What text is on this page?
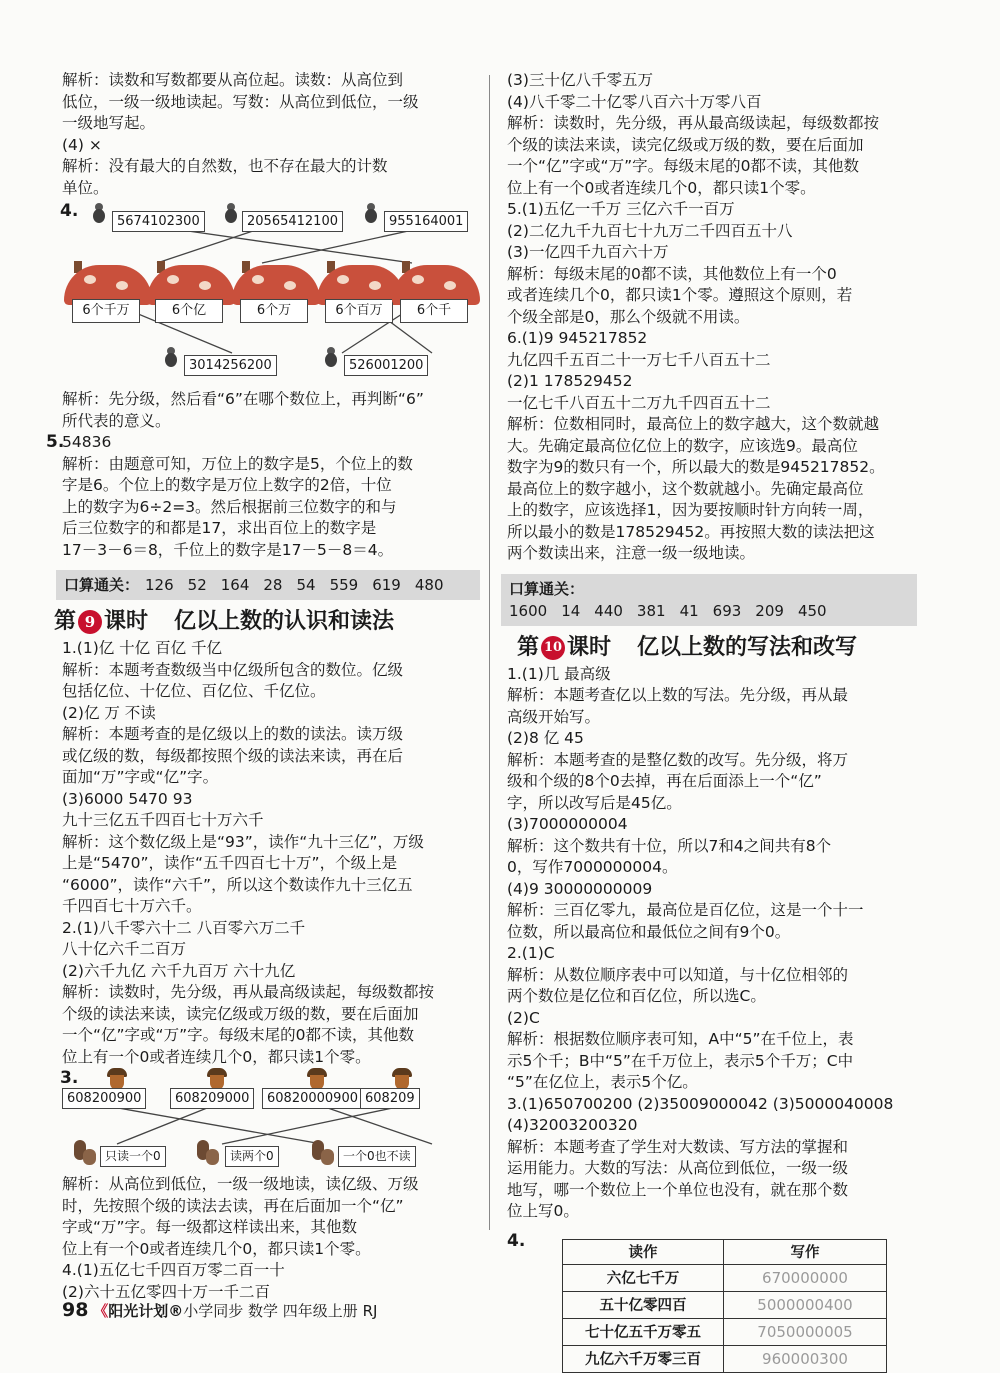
解析：读数和写数都要从高位起。读数：从高位到
低位，一级一级地读起。写数：从高位到低位，一级
一级地写起。
(4) ×
解析：没有最大的自然数，也不存在最大的计数
单位。
4.
5674102300	20565412100	955164001
6个千万	6个亿	6个万	6个百万	6个千
3014256200	526001200
解析：先分级，然后看“6”在哪个数位上，再判断“6”
所代表的意义。
5.
54836
解析：由题意可知，万位上的数字是5，个位上的数
字是6。个位上的数字是万位上数字的2倍，十位
上的数字为6÷2=3。然后根据前三位数字的和与
后三位数字的和都是17，求出百位上的数字是
17－3－6＝8，千位上的数字是17－5－8＝4。
口算通关： 126 52 164 28 54 559 619 480
第 9 课时 亿以上数的认识和读法
1.(1)亿 十亿 百亿 千亿
解析：本题考查数级当中亿级所包含的数位。亿级
包括亿位、十亿位、百亿位、千亿位。
(2)亿 万 不读
解析：本题考查的是亿级以上的数的读法。读万级
或亿级的数，每级都按照个级的读法来读，再在后
面加“万”字或“亿”字。
(3)6000 5470 93
九十三亿五千四百七十万六千
解析：这个数亿级上是“93”，读作“九十三亿”，万级
上是“5470”，读作“五千四百七十万”，个级上是
“6000”，读作“六千”，所以这个数读作九十三亿五
千四百七十万六千。
2.(1)八千零六十二 八百零六万二千
八十亿六千二百万
(2)六千九亿 六千九百万 六十九亿
解析：读数时，先分级，再从最高级读起，每级数都按
个级的读法来读，读完亿级或万级的数，要在后面加
一个“亿”字或“万”字。每级末尾的0都不读，其他数
位上有一个0或者连续几个0，都只读1个零。
3.
608200900	608209000	60820000900 608209
只读一个0	读两个0	一个0也不读
解析：从高位到低位，一级一级地读，读亿级、万级
时，先按照个级的读法去读，再在后面加一个“亿”
字或“万”字。每一级都这样读出来，其他数
位上有一个0或者连续几个0，都只读1个零。
4.(1)五亿七千四百万零二百一十
(2)六十五亿零四十万一千二百
(3)三十亿八千零五万
(4)八千零二十亿零八百六十万零八百
解析：读数时，先分级，再从最高级读起，每级数都按
个级的读法来读，读完亿级或万级的数，要在后面加
一个“亿”字或“万”字。每级末尾的0都不读，其他数
位上有一个0或者连续几个0，都只读1个零。
5.(1)五亿一千万 三亿六千一百万
(2)二亿九千九百七十九万二千四百五十八
(3)一亿四千九百六十万
解析：每级末尾的0都不读，其他数位上有一个0
或者连续几个0，都只读1个零。遵照这个原则，若
个级全部是0，那么个级就不用读。
6.(1)9 945217852
九亿四千五百二十一万七千八百五十二
(2)1 178529452
一亿七千八百五十二万九千四百五十二
解析：位数相同时，最高位上的数字越大，这个数就越
大。先确定最高位亿位上的数字，应该选9。最高位
数字为9的数只有一个，所以最大的数是945217852。
最高位上的数字越小，这个数就越小。先确定最高位
上的数字，应该选择1，因为要按顺时针方向转一周，
所以最小的数是178529452。再按照大数的读法把这
两个数读出来，注意一级一级地读。
口算通关：1600 14 440 381 41 693 209 450
第 10 课时 亿以上数的写法和改写
1.(1)几 最高级
解析：本题考查亿以上数的写法。先分级，再从最
高级开始写。
(2)8 亿 45
解析：本题考查的是整亿数的改写。先分级，将万
级和个级的8个0去掉，再在后面添上一个“亿”
字，所以改写后是45亿。
(3)7000000004
解析：这个数共有十位，所以7和4之间共有8个
0，写作7000000004。
(4)9 30000000009
解析：三百亿零九，最高位是百亿位，这是一个十一
位数，所以最高位和最低位之间有9个0。
2.(1)C
解析：从数位顺序表中可以知道，与十亿位相邻的
两个数位是亿位和百亿位，所以选C。
(2)C
解析：根据数位顺序表可知，A中“5”在千位上，表
示5个千；B中“5”在千万位上，表示5个千万；C中
“5”在亿位上，表示5个亿。
3.(1)650700200 (2)35009000042 (3)5000040008
(4)32003200320
解析：本题考查了学生对大数读、写方法的掌握和
运用能力。大数的写法：从高位到低位，一级一级
地写，哪一个数位上一个单位也没有，就在那个数
位上写0。
4.
读作	写作
六亿七千万	670000000
五十亿零四百	5000000400
七十亿五千万零五	7050000005
九亿六千万零三百	960000300
98 《阳光计划®小学同步 数学 四年级上册 RJ
